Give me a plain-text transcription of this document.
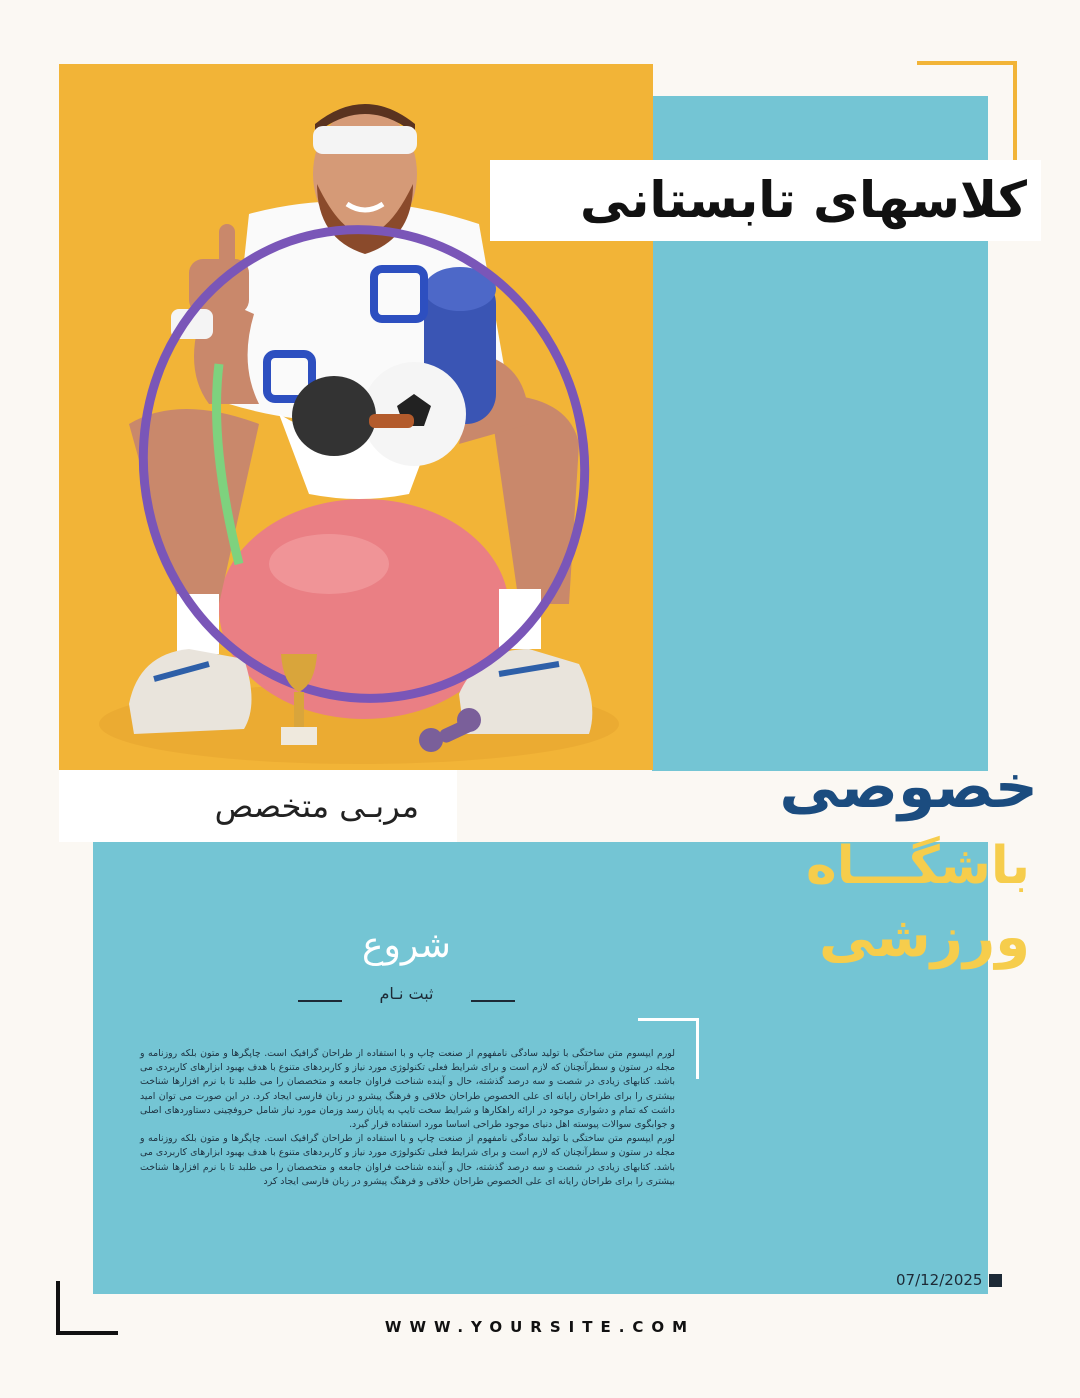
کلاسهای تابستانی
مربـی متخصص	خصوصی
باشگـــاه
ورزشی
شروع
ثبت نـام

لورم ایپسوم متن ساختگی با تولید سادگی نامفهوم از صنعت چاپ و با استفاده از طراحان گرافیک است. چاپگرها و متون بلکه روزنامه و مجله در ستون و سطرآنچنان که لازم است و برای شرایط فعلی تکنولوژی مورد نیاز و کاربردهای متنوع با هدف بهبود ابزارهای کاربردی می باشد. کتابهای زیادی در شصت و سه درصد گذشته، حال و آینده شناخت فراوان جامعه و متخصصان را می طلبد تا با نرم افزارها شناخت بیشتری را برای طراحان رایانه ای علی الخصوص طراحان خلاقی و فرهنگ پیشرو در زبان فارسی ایجاد کرد. در این صورت می توان امید داشت که تمام و دشواری موجود در ارائه راهکارها و شرایط سخت تایپ به پایان رسد وزمان مورد نیاز شامل حروفچینی دستاوردهای اصلی و جوابگوی سوالات پیوسته اهل دنیای موجود طراحی اساسا مورد استفاده قرار گیرد.

لورم ایپسوم متن ساختگی با تولید سادگی نامفهوم از صنعت چاپ و با استفاده از طراحان گرافیک است. چاپگرها و متون بلکه روزنامه و مجله در ستون و سطرآنچنان که لازم است و برای شرایط فعلی تکنولوژی مورد نیاز و کاربردهای متنوع با هدف بهبود ابزارهای کاربردی می باشد. کتابهای زیادی در شصت و سه درصد گذشته، حال و آینده شناخت فراوان جامعه و متخصصان را می طلبد تا با نرم افزارها شناخت بیشتری را برای طراحان رایانه ای علی الخصوص طراحان خلاقی و فرهنگ پیشرو در زبان فارسی ایجاد کرد

07/12/2025
WWW.YOURSITE.COM
